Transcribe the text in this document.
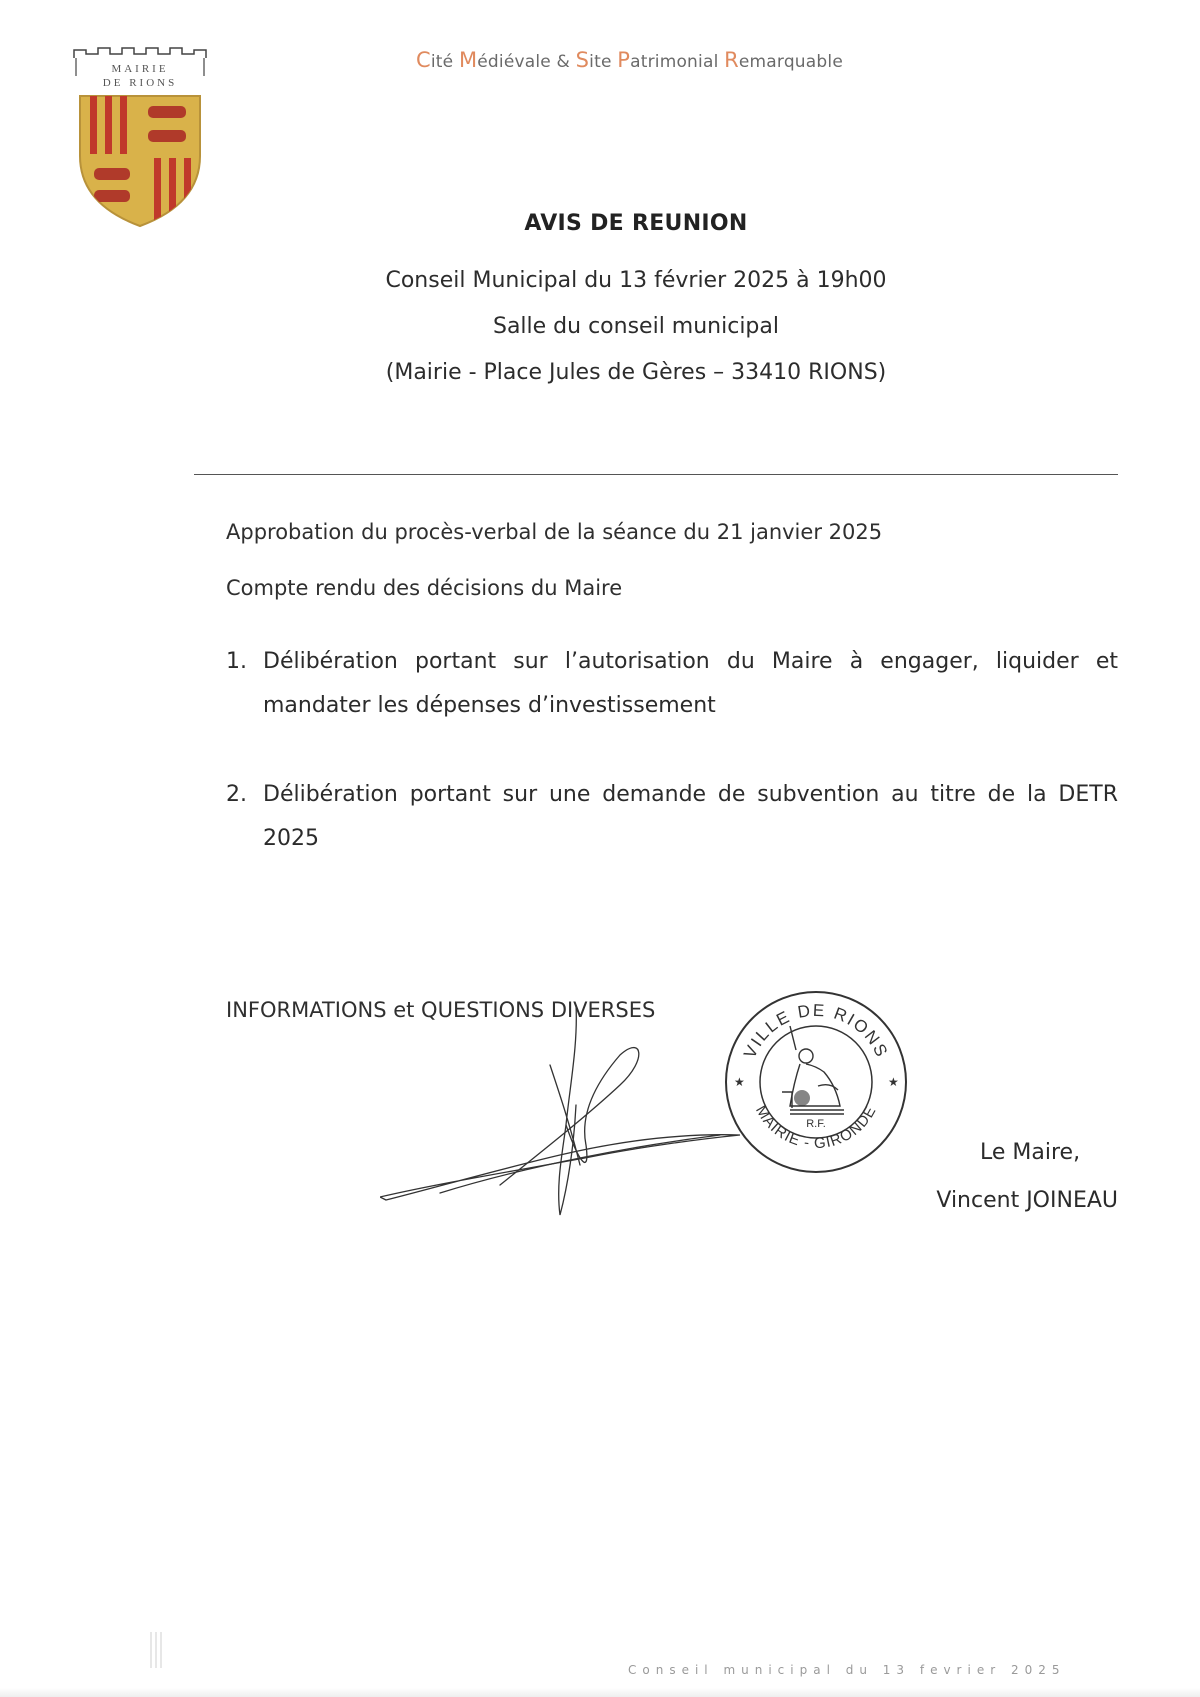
MAIRIE
DE RIONS
Cité Médiévale & Site Patrimonial Remarquable

AVIS DE REUNION

Conseil Municipal du 13 février 2025 à 19h00

Salle du conseil municipal

(Mairie - Place Jules de Gères – 33410 RIONS)

Approbation du procès-verbal de la séance du 21 janvier 2025
Compte rendu des décisions du Maire
1. Délibération portant sur l’autorisation du Maire à engager, liquider et mandater les dépenses d’investissement
2. Délibération portant sur une demande de subvention au titre de la DETR 2025
INFORMATIONS et QUESTIONS DIVERSES
VILLE DE RIONS
MAIRIE - GIRONDE
★	★
R.F.
Le Maire,
Vincent JOINEAU
Conseil municipal du 13 fevrier 2025
